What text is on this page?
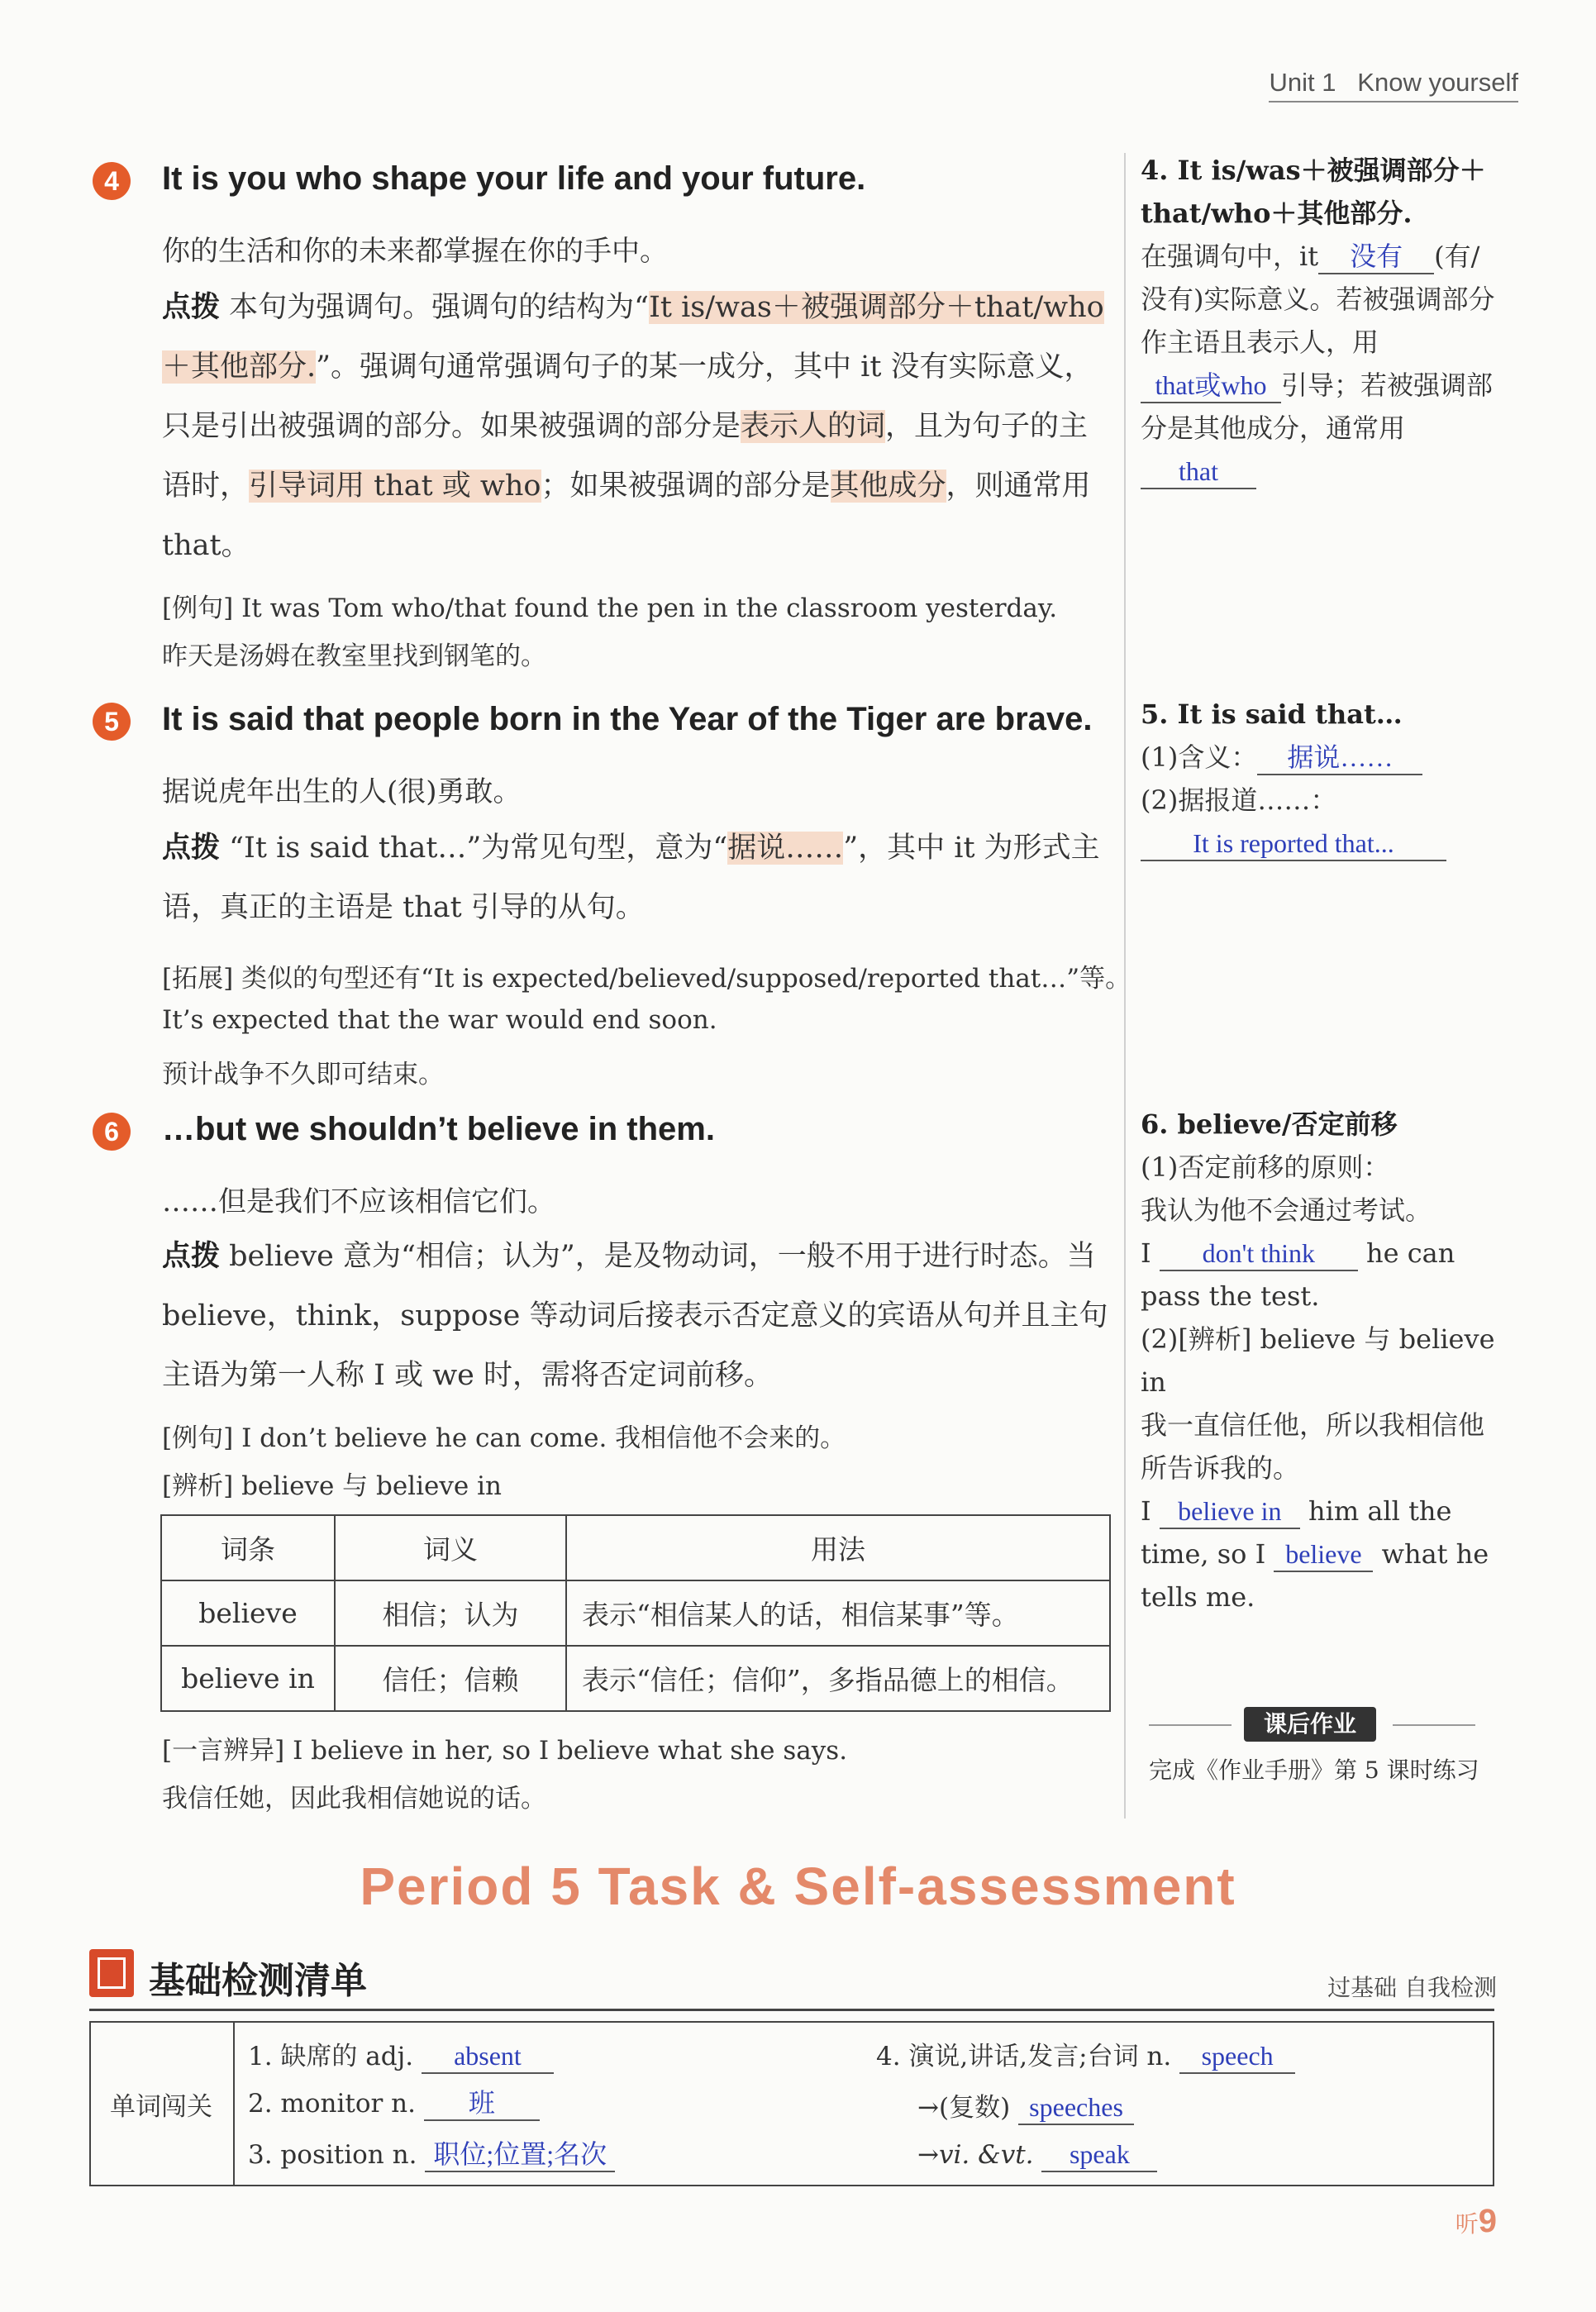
Unit 1 Know yourself
4	It is you who shape your life and your future.
你的生活和你的未来都掌握在你的手中。
点拨 本句为强调句。强调句的结构为“It is/was＋被强调部分＋that/who＋其他部分.”。强调句通常强调句子的某一成分，其中 it 没有实际意义，只是引出被强调的部分。如果被强调的部分是表示人的词，且为句子的主语时，引导词用 that 或 who；如果被强调的部分是其他成分，则通常用 that。
[例句] It was Tom who/that found the pen in the classroom yesterday.
昨天是汤姆在教室里找到钢笔的。
5	It is said that people born in the Year of the Tiger are brave.
据说虎年出生的人(很)勇敢。
点拨 “It is said that…”为常见句型，意为“据说……”，其中 it 为形式主语，真正的主语是 that 引导的从句。
[拓展] 类似的句型还有“It is expected/believed/supposed/reported that…”等。
It’s expected that the war would end soon.
预计战争不久即可结束。
6	…but we shouldn’t believe in them.
……但是我们不应该相信它们。
点拨 believe 意为“相信；认为”，是及物动词，一般不用于进行时态。当 believe，think，suppose 等动词后接表示否定意义的宾语从句并且主句主语为第一人称 I 或 we 时，需将否定词前移。
[例句] I don’t believe he can come. 我相信他不会来的。
[辨析] believe 与 believe in
词条	词义	用法
believe	相信；认为	表示“相信某人的话，相信某事”等。
believe in	信任；信赖	表示“信任；信仰”，多指品德上的相信。
[一言辨异] I believe in her, so I believe what she says.
我信任她，因此我相信她说的话。
4. It is/was＋被强调部分＋that/who＋其他部分.
在强调句中，it 没有 (有/没有)实际意义。若被强调部分作主语且表示人，用that或who 引导；若被强调部分是其他成分，通常用that
5. It is said that…
(1)含义： 据说……
(2)据报道……：
It is reported that...
6. believe/否定前移
(1)否定前移的原则：
我认为他不会通过考试。
I don't think he can pass the test.
(2)[辨析] believe 与 believe in
我一直信任他，所以我相信他所告诉我的。
I believe in him all the time, so I believe what he tells me.
课后作业
完成《作业手册》第 5 课时练习
Period 5 Task & Self-assessment
基础检测清单	过基础 自我检测
单词闯关
1. 缺席的 adj. absent
2. monitor n. 班
3. position n. 职位;位置;名次
4. 演说,讲话,发言;台词 n. speech
→(复数) speeches
→vi. &vt. speak
听9
